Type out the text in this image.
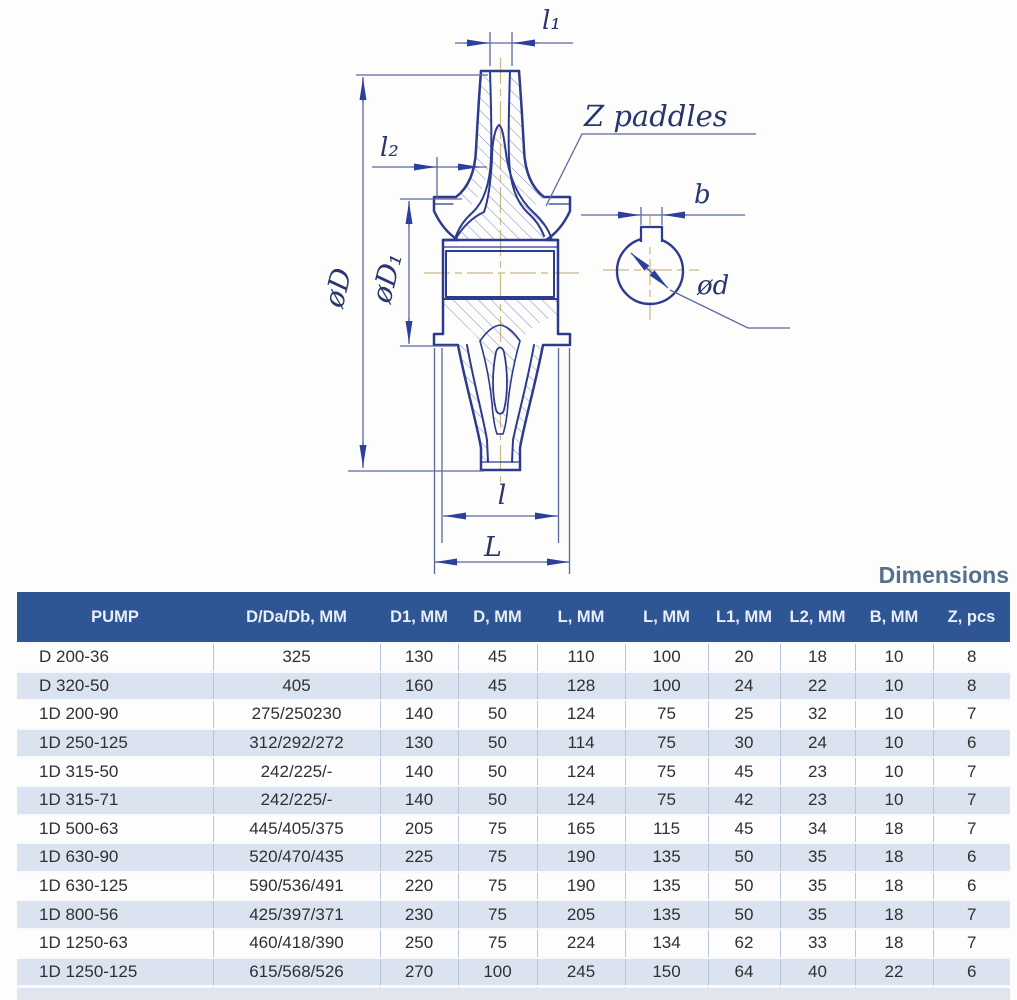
l₁
l₂
Z paddles
øD øD₁
b
ød
l
L
Dimensions
PUMP	D/Da/Db, MM	D1, MM	D, MM	L, MM	L, MM	L1, MM	L2, MM	B, MM	Z, pcs
D 200-36	325	130	45	110	100	20	18	10	8
D 320-50	405	160	45	128	100	24	22	10	8
1D 200-90	275/250230	140	50	124	75	25	32	10	7
1D 250-125	312/292/272	130	50	114	75	30	24	10	6
1D 315-50	242/225/-	140	50	124	75	45	23	10	7
1D 315-71	242/225/-	140	50	124	75	42	23	10	7
1D 500-63	445/405/375	205	75	165	115	45	34	18	7
1D 630-90	520/470/435	225	75	190	135	50	35	18	6
1D 630-125	590/536/491	220	75	190	135	50	35	18	6
1D 800-56	425/397/371	230	75	205	135	50	35	18	7
1D 1250-63	460/418/390	250	75	224	134	62	33	18	7
1D 1250-125	615/568/526	270	100	245	150	64	40	22	6
